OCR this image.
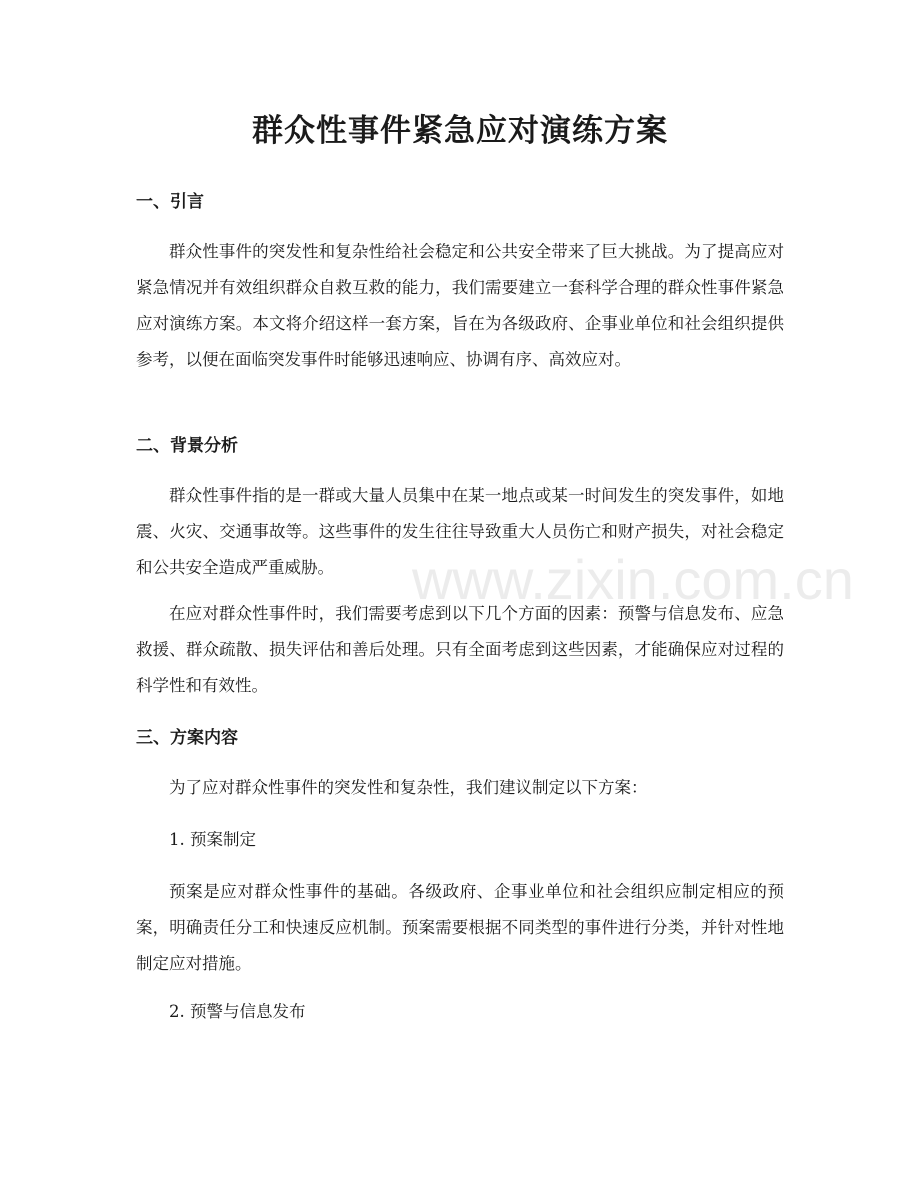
www.zixin.com.cn
群众性事件紧急应对演练方案
一、引言

群众性事件的突发性和复杂性给社会稳定和公共安全带来了巨大挑战。为了提高应对紧急情况并有效组织群众自救互救的能力，我们需要建立一套科学合理的群众性事件紧急应对演练方案。本文将介绍这样一套方案，旨在为各级政府、企事业单位和社会组织提供参考，以便在面临突发事件时能够迅速响应、协调有序、高效应对。

二、背景分析

群众性事件指的是一群或大量人员集中在某一地点或某一时间发生的突发事件，如地震、火灾、交通事故等。这些事件的发生往往导致重大人员伤亡和财产损失，对社会稳定和公共安全造成严重威胁。

在应对群众性事件时，我们需要考虑到以下几个方面的因素：预警与信息发布、应急救援、群众疏散、损失评估和善后处理。只有全面考虑到这些因素，才能确保应对过程的科学性和有效性。

三、方案内容

为了应对群众性事件的突发性和复杂性，我们建议制定以下方案：

1. 预案制定

预案是应对群众性事件的基础。各级政府、企事业单位和社会组织应制定相应的预案，明确责任分工和快速反应机制。预案需要根据不同类型的事件进行分类，并针对性地制定应对措施。

2. 预警与信息发布
